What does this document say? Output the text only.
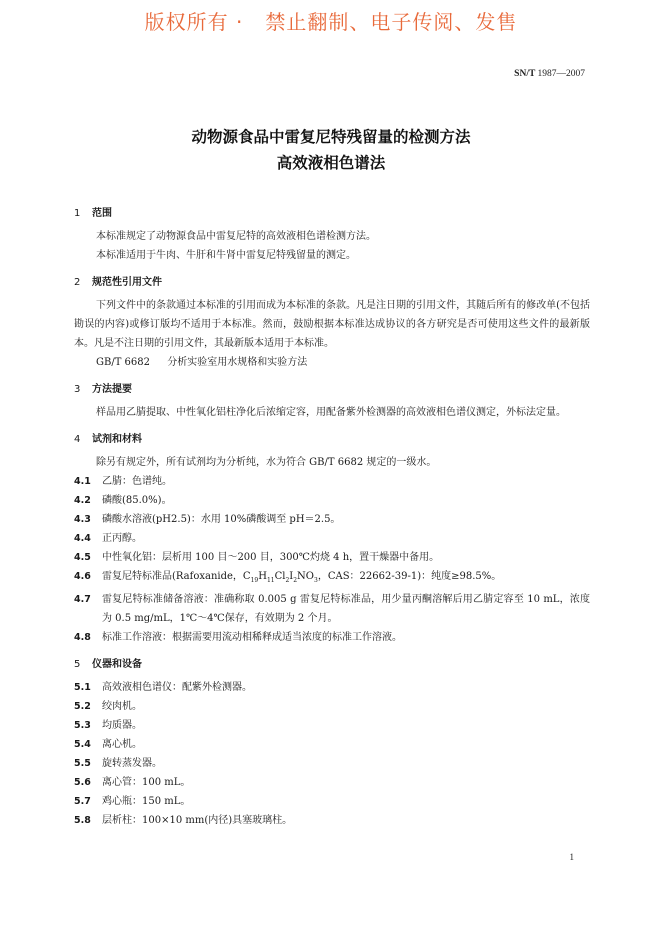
版权所有 ·   禁止翻制、电子传阅、发售
SN/T 1987—2007
动物源食品中雷复尼特残留量的检测方法
高效液相色谱法
1	范围
本标准规定了动物源食品中雷复尼特的高效液相色谱检测方法。
本标准适用于牛肉、牛肝和牛肾中雷复尼特残留量的测定。
2	规范性引用文件
下列文件中的条款通过本标准的引用而成为本标准的条款。凡是注日期的引用文件，其随后所有的修改单(不包括勘误的内容)或修订版均不适用于本标准。然而，鼓励根据本标准达成协议的各方研究是否可使用这些文件的最新版本。凡是不注日期的引用文件，其最新版本适用于本标准。
GB/T 6682 分析实验室用水规格和实验方法
3	方法提要
样品用乙腈提取、中性氧化铝柱净化后浓缩定容，用配备紫外检测器的高效液相色谱仪测定，外标法定量。
4	试剂和材料
除另有规定外，所有试剂均为分析纯，水为符合 GB/T 6682 规定的一级水。
4.1	乙腈：色谱纯。
4.2	磷酸(85.0%)。
4.3	磷酸水溶液(pH2.5)：水用 10%磷酸调至 pH＝2.5。
4.4	正丙醇。
4.5	中性氧化铝：层析用 100 目～200 目，300℃灼烧 4 h，置干燥器中备用。
4.6	雷复尼特标准品(Rafoxanide，$C_{19}H_{11}Cl_2I_2NO_3$，CAS：22662-39-1)：纯度≥98.5%。
4.7	雷复尼特标准储备溶液：准确称取 0.005 g 雷复尼特标准品，用少量丙酮溶解后用乙腈定容至 10 mL，浓度为 0.5 mg/mL，1℃～4℃保存，有效期为 2 个月。
4.8	标准工作溶液：根据需要用流动相稀释成适当浓度的标准工作溶液。
5	仪器和设备
5.1	高效液相色谱仪：配紫外检测器。
5.2	绞肉机。
5.3	均质器。
5.4	离心机。
5.5	旋转蒸发器。
5.6	离心管：100 mL。
5.7	鸡心瓶：150 mL。
5.8	层析柱：100×10 mm(内径)具塞玻璃柱。
1
